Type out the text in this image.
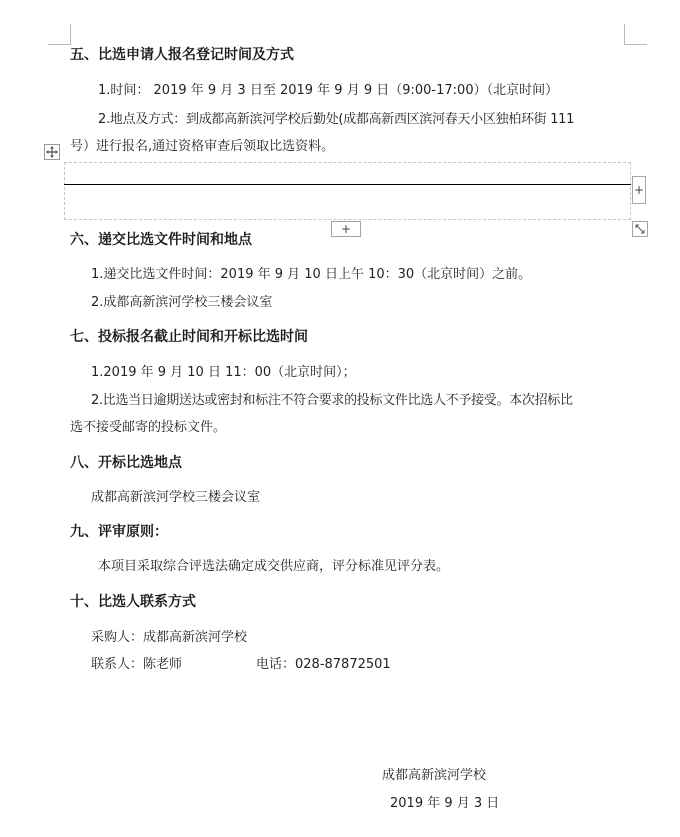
五、比选申请人报名登记时间及方式
1.时间： 2019 年 9 月 3 日至 2019 年 9 月 9 日（9:00-17:00）（北京时间）
2.地点及方式：到成都高新滨河学校后勤处(成都高新西区滨河春天小区独柏环街 111
号）进行报名,通过资格审查后领取比选资料。
+
+
六、递交比选文件时间和地点
1.递交比选文件时间：2019 年 9 月 10 日上午 10：30（北京时间）之前。
2.成都高新滨河学校三楼会议室
七、投标报名截止时间和开标比选时间
1.2019 年 9 月 10 日 11：00（北京时间）；
2.比选当日逾期送达或密封和标注不符合要求的投标文件比选人不予接受。本次招标比
选不接受邮寄的投标文件。
八、开标比选地点
成都高新滨河学校三楼会议室
九、评审原则：
本项目采取综合评选法确定成交供应商，评分标准见评分表。
十、比选人联系方式
采购人：成都高新滨河学校
联系人：陈老师	电话：028-87872501
成都高新滨河学校
2019 年 9 月 3 日
